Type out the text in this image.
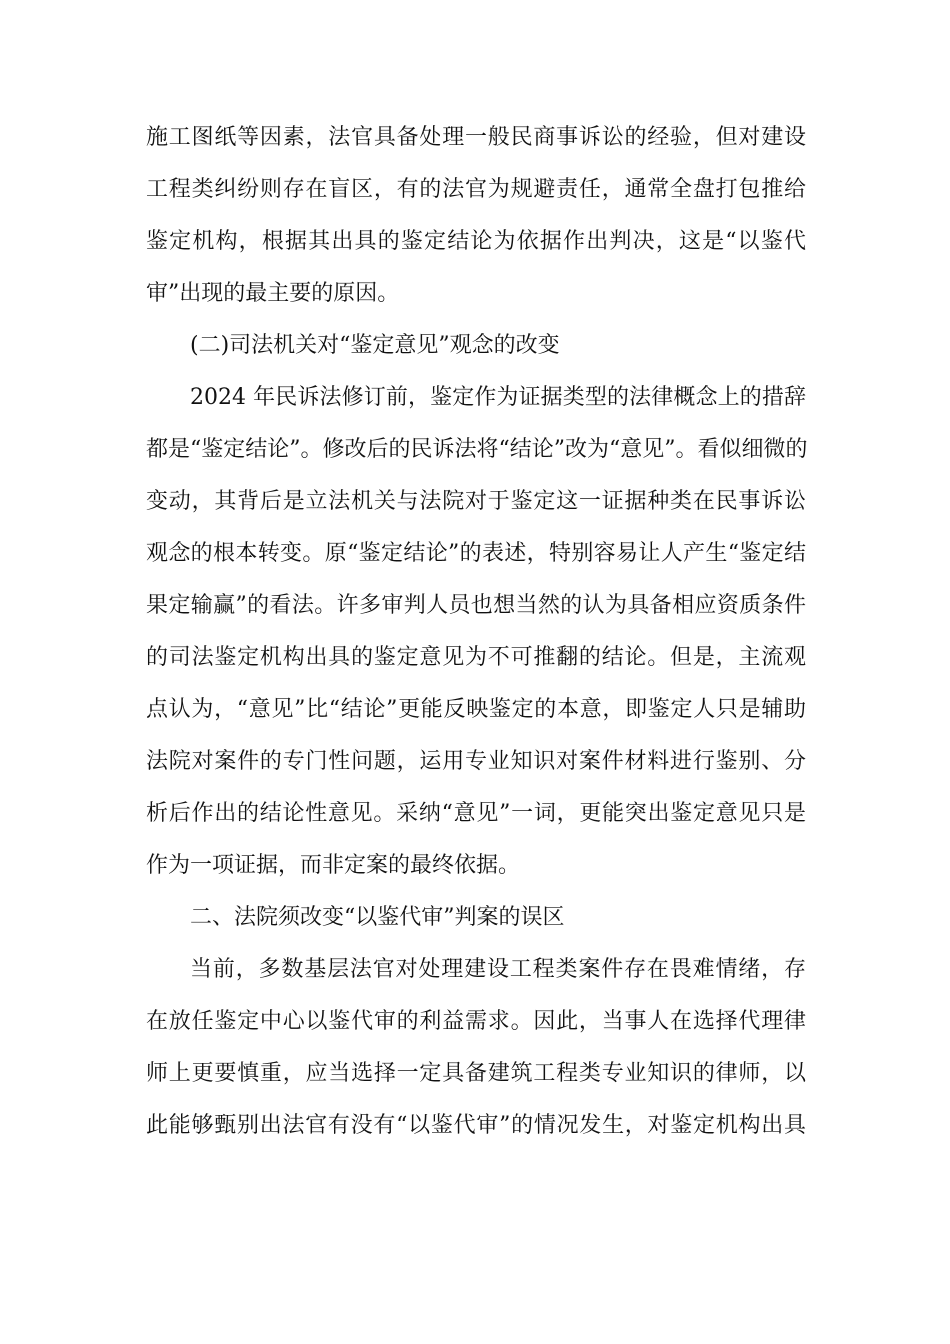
施工图纸等因素，法官具备处理一般民商事诉讼的经验，但对建设
工程类纠纷则存在盲区，有的法官为规避责任，通常全盘打包推给
鉴定机构，根据其出具的鉴定结论为依据作出判决，这是“以鉴代
审”出现的最主要的原因。
(二)司法机关对“鉴定意见”观念的改变
2024 年民诉法修订前，鉴定作为证据类型的法律概念上的措辞
都是“鉴定结论”。修改后的民诉法将“结论”改为“意见”。看似细微的
变动，其背后是立法机关与法院对于鉴定这一证据种类在民事诉讼
观念的根本转变。原“鉴定结论”的表述，特别容易让人产生“鉴定结
果定输赢”的看法。许多审判人员也想当然的认为具备相应资质条件
的司法鉴定机构出具的鉴定意见为不可推翻的结论。但是，主流观
点认为，“意见”比“结论”更能反映鉴定的本意，即鉴定人只是辅助
法院对案件的专门性问题，运用专业知识对案件材料进行鉴别、分
析后作出的结论性意见。采纳“意见”一词，更能突出鉴定意见只是
作为一项证据，而非定案的最终依据。
二、法院须改变“以鉴代审”判案的误区
当前，多数基层法官对处理建设工程类案件存在畏难情绪，存
在放任鉴定中心以鉴代审的利益需求。因此，当事人在选择代理律
师上更要慎重，应当选择一定具备建筑工程类专业知识的律师，以
此能够甄别出法官有没有“以鉴代审”的情况发生，对鉴定机构出具
